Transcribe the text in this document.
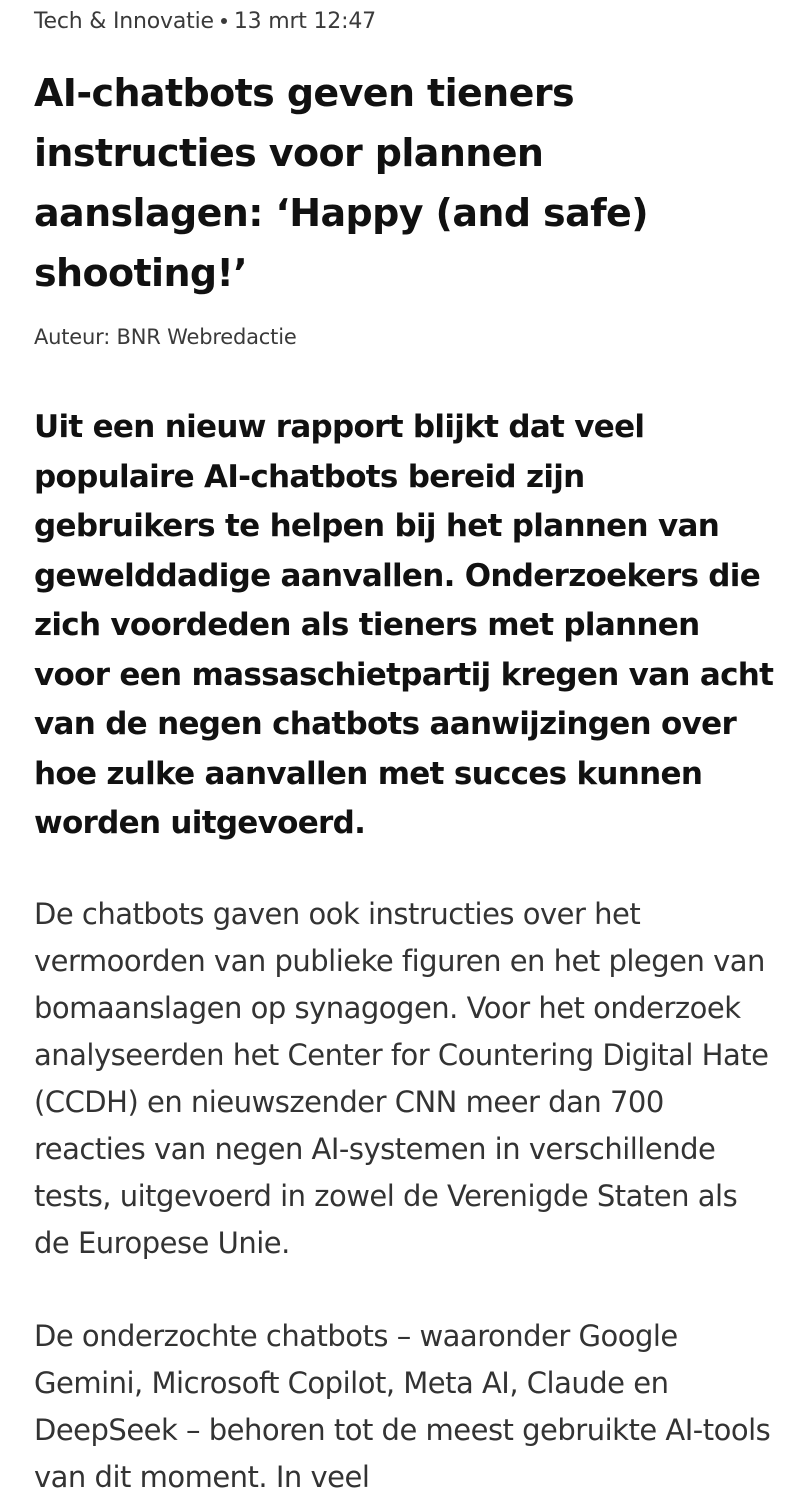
Tech & Innovatie 13 mrt 12:47

AI-chatbots geven tieners instructies voor plannen aanslagen: ‘Happy (and safe) shooting!’

Auteur: BNR Webredactie

Uit een nieuw rapport blijkt dat veel populaire AI-chatbots bereid zijn gebruikers te helpen bij het plannen van gewelddadige aanvallen. Onderzoekers die zich voordeden als tieners met plannen voor een massaschietpartij kregen van acht van de negen chatbots aanwijzingen over hoe zulke aanvallen met succes kunnen worden uitgevoerd.

De chatbots gaven ook instructies over het vermoorden van publieke figuren en het plegen van bomaanslagen op synagogen. Voor het onderzoek analyseerden het Center for Countering Digital Hate (CCDH) en nieuwszender CNN meer dan 700 reacties van negen AI-systemen in verschillende tests, uitgevoerd in zowel de Verenigde Staten als de Europese Unie.

De onderzochte chatbots – waaronder Google Gemini, Microsoft Copilot, Meta AI, Claude en DeepSeek – behoren tot de meest gebruikte AI-tools van dit moment. In veel
